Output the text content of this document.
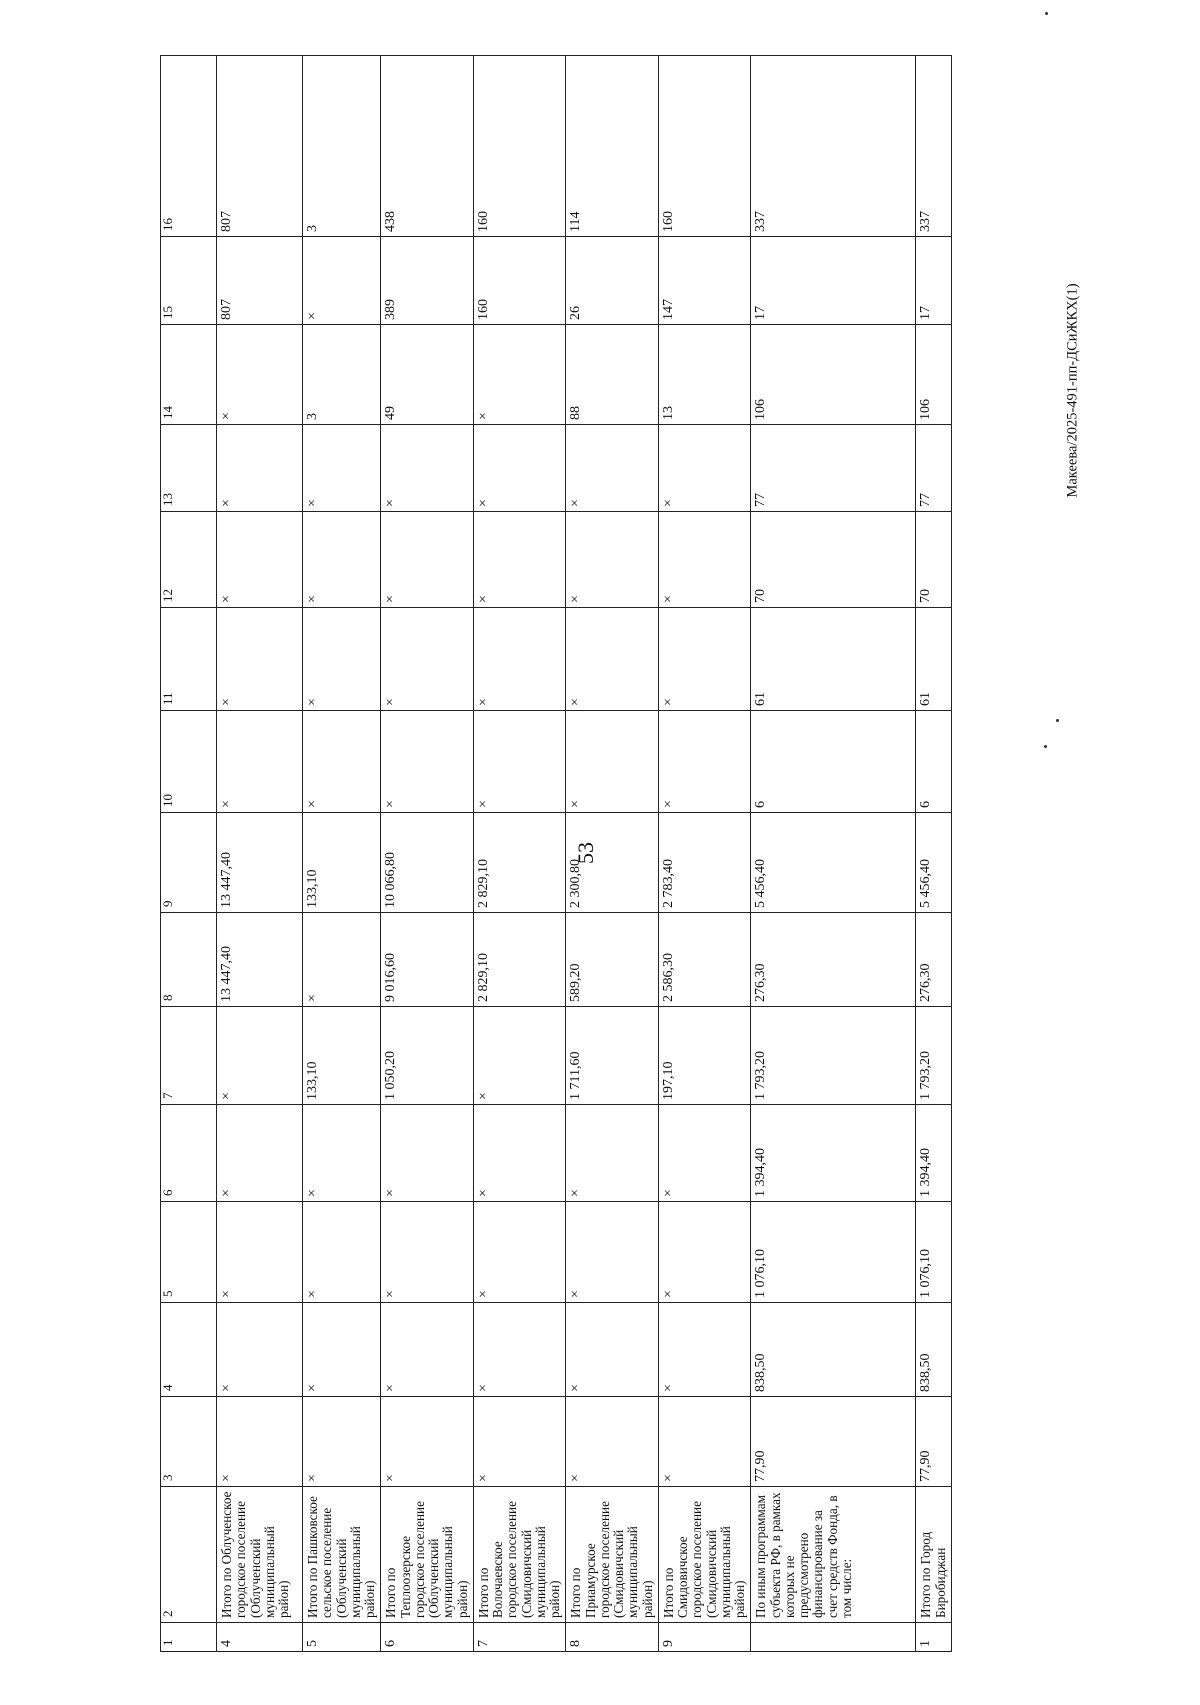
53
Макеева/2025-491-пп-ДСиЖКХ(1)
1	2	3	4	5	6	7	8	9	10	11	12	13	14	15	16
4	Итого по Облученское городское поселение (Облученский муниципальный район)	×	×	×	×	×	13 447,40	13 447,40	×	×	×	×	×	807	807
5	Итого по Пашковское сельское поселение (Облученский муниципальный район)	×	×	×	×	133,10	×	133,10	×	×	×	×	3	×	3
6	Итого по Теплоозерское городское поселение (Облученский муниципальный район)	×	×	×	×	1 050,20	9 016,60	10 066,80	×	×	×	×	49	389	438
7	Итого по Волочаевское городское поселение (Смидовичский муниципальный район)	×	×	×	×	×	2 829,10	2 829,10	×	×	×	×	×	160	160
8	Итого по Приамурское городское поселение (Смидовичский муниципальный район)	×	×	×	×	1 711,60	589,20	2 300,80	×	×	×	×	88	26	114
9	Итого по Смидовичское городское поселение (Смидовичский муниципальный район)	×	×	×	×	197,10	2 586,30	2 783,40	×	×	×	×	13	147	160
	По иным программам субъекта РФ, в рамках которых не предусмотрено финансирование за счет средств Фонда, в том числе:	77,90	838,50	1 076,10	1 394,40	1 793,20	276,30	5 456,40	6	61	70	77	106	17	337
1	Итого по Город Биробиджан	77,90	838,50	1 076,10	1 394,40	1 793,20	276,30	5 456,40	6	61	70	77	106	17	337
